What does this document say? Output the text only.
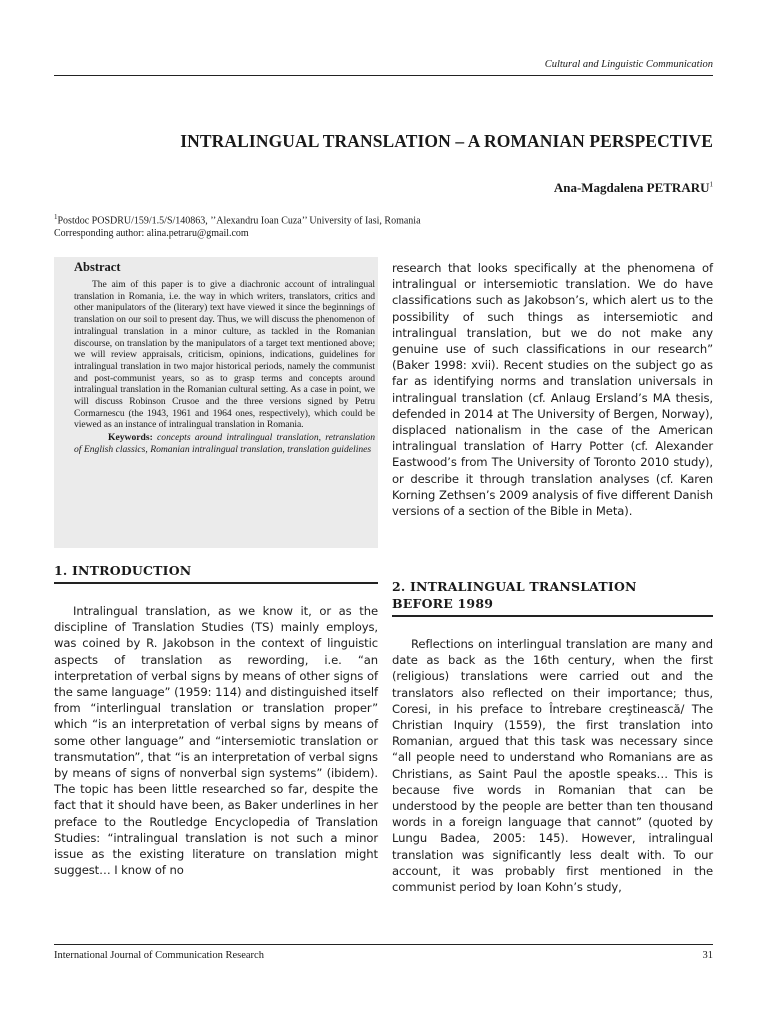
Cultural and Linguistic Communication
INTRALINGUAL TRANSLATION – A ROMANIAN PERSPECTIVE
Ana-Magdalena PETRARU$^1$
$^1$Postdoc POSDRU/159/1.5/S/140863, ’’Alexandru Ioan Cuza’’ University of Iasi, Romania
Corresponding author: alina.petraru@gmail.com
Abstract
The aim of this paper is to give a diachronic account of intralingual translation in Romania, i.e. the way in which writers, translators, critics and other manipulators of the (literary) text have viewed it since the beginnings of translation on our soil to present day. Thus, we will discuss the phenomenon of intralingual translation in a minor culture, as tackled in the Romanian discourse, on translation by the manipulators of a target text mentioned above; we will review appraisals, criticism, opinions, indications, guidelines for intralingual translation in two major historical periods, namely the communist and post-communist years, so as to grasp terms and concepts around intralingual translation in the Romanian cultural setting. As a case in point, we will discuss Robinson Crusoe and the three versions signed by Petru Cormarnescu (the 1943, 1961 and 1964 ones, respectively), which could be viewed as an instance of intralingual translation in Romania.
Keywords: concepts around intralingual translation, retranslation of English classics, Romanian intralingual translation, translation guidelines
1. INTRODUCTION
Intralingual translation, as we know it, or as the discipline of Translation Studies (TS) mainly employs, was coined by R. Jakobson in the context of linguistic aspects of translation as rewording, i.e. “an interpretation of verbal signs by means of other signs of the same language” (1959: 114) and distinguished itself from “interlingual translation or translation proper” which “is an interpretation of verbal signs by means of some other language” and “intersemiotic translation or transmutation”, that “is an interpretation of verbal signs by means of signs of nonverbal sign systems” (ibidem). The topic has been little researched so far, despite the fact that it should have been, as Baker underlines in her preface to the Routledge Encyclopedia of Translation Studies: “intralingual translation is not such a minor issue as the existing literature on translation might suggest… I know of no
research that looks specifically at the phenomena of intralingual or intersemiotic translation. We do have classifications such as Jakobson’s, which alert us to the possibility of such things as intersemiotic and intralingual translation, but we do not make any genuine use of such classifications in our research” (Baker 1998: xvii). Recent studies on the subject go as far as identifying norms and translation universals in intralingual translation (cf. Anlaug Ersland’s MA thesis, defended in 2014 at The University of Bergen, Norway), displaced nationalism in the case of the American intralingual translation of Harry Potter (cf. Alexander Eastwood’s from The University of Toronto 2010 study), or describe it through translation analyses (cf. Karen Korning Zethsen’s 2009 analysis of five different Danish versions of a section of the Bible in Meta).
2. INTRALINGUAL TRANSLATION
BEFORE 1989
Reflections on interlingual translation are many and date as back as the 16th century, when the first (religious) translations were carried out and the translators also reflected on their importance; thus, Coresi, in his preface to Întrebare creştinească/ The Christian Inquiry (1559), the first translation into Romanian, argued that this task was necessary since “all people need to understand who Romanians are as Christians, as Saint Paul the apostle speaks… This is because five words in Romanian that can be understood by the people are better than ten thousand words in a foreign language that cannot” (quoted by Lungu Badea, 2005: 145). However, intralingual translation was significantly less dealt with. To our account, it was probably first mentioned in the communist period by Ioan Kohn’s study,
International Journal of Communication Research	31
